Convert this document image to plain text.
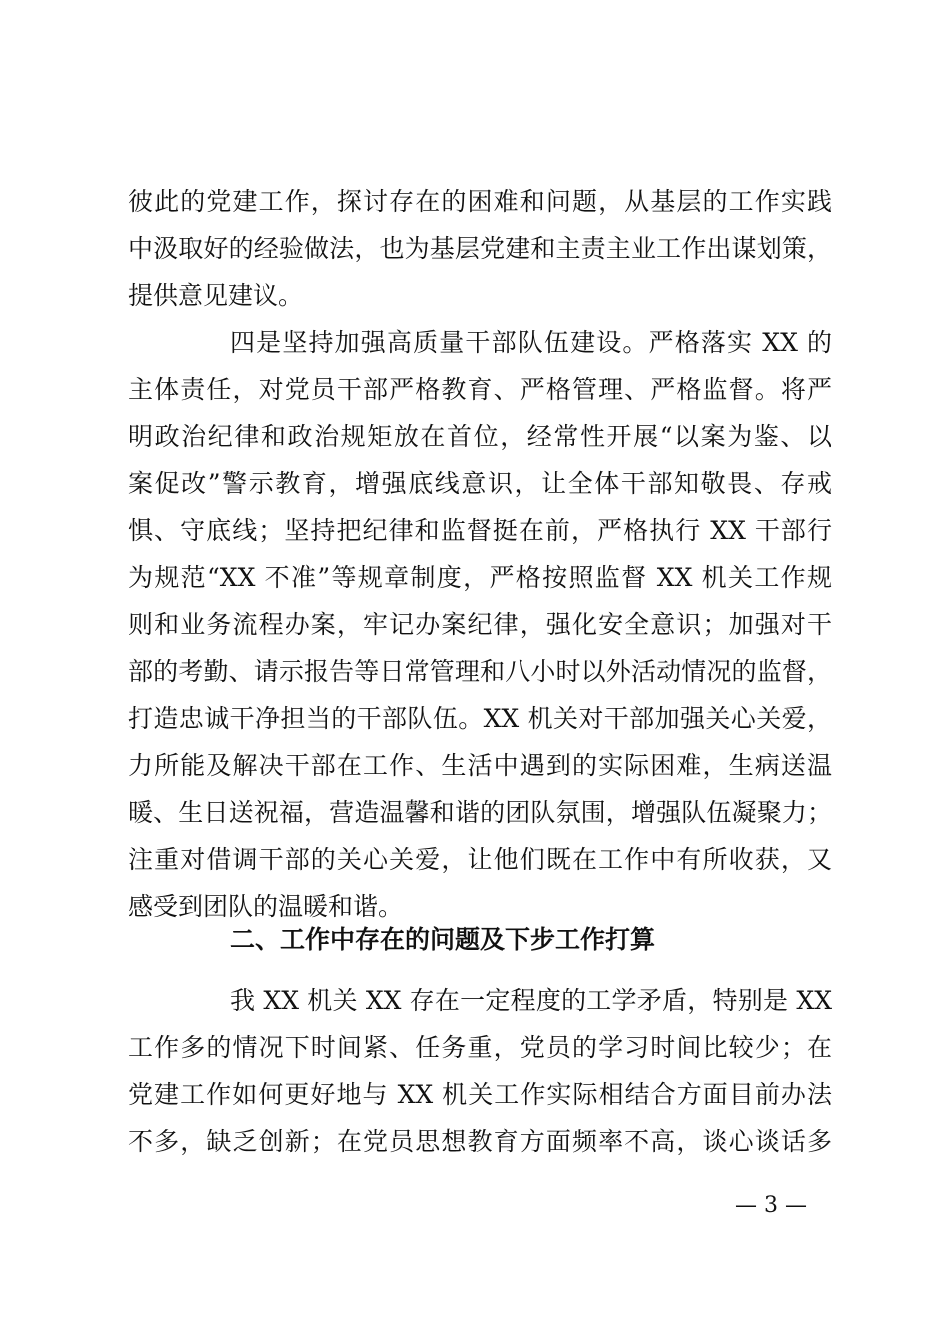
彼此的党建工作，探讨存在的困难和问题，从基层的工作实践
中汲取好的经验做法，也为基层党建和主责主业工作出谋划策，
提供意见建议。
四是坚持加强高质量干部队伍建设。严格落实 XX 的
主体责任，对党员干部严格教育、严格管理、严格监督。将严
明政治纪律和政治规矩放在首位，经常性开展“以案为鉴、以
案促改”警示教育，增强底线意识，让全体干部知敬畏、存戒
惧、守底线；坚持把纪律和监督挺在前，严格执行 XX 干部行
为规范“XX 不准”等规章制度，严格按照监督 XX 机关工作规
则和业务流程办案，牢记办案纪律，强化安全意识；加强对干
部的考勤、请示报告等日常管理和八小时以外活动情况的监督，
打造忠诚干净担当的干部队伍。XX 机关对干部加强关心关爱，
力所能及解决干部在工作、生活中遇到的实际困难，生病送温
暖、生日送祝福，营造温馨和谐的团队氛围，增强队伍凝聚力；
注重对借调干部的关心关爱，让他们既在工作中有所收获，又
感受到团队的温暖和谐。
二、工作中存在的问题及下步工作打算
我 XX 机关 XX 存在一定程度的工学矛盾，特别是 XX
工作多的情况下时间紧、任务重，党员的学习时间比较少；在
党建工作如何更好地与 XX 机关工作实际相结合方面目前办法
不多，缺乏创新；在党员思想教育方面频率不高，谈心谈话多
— 3 —
